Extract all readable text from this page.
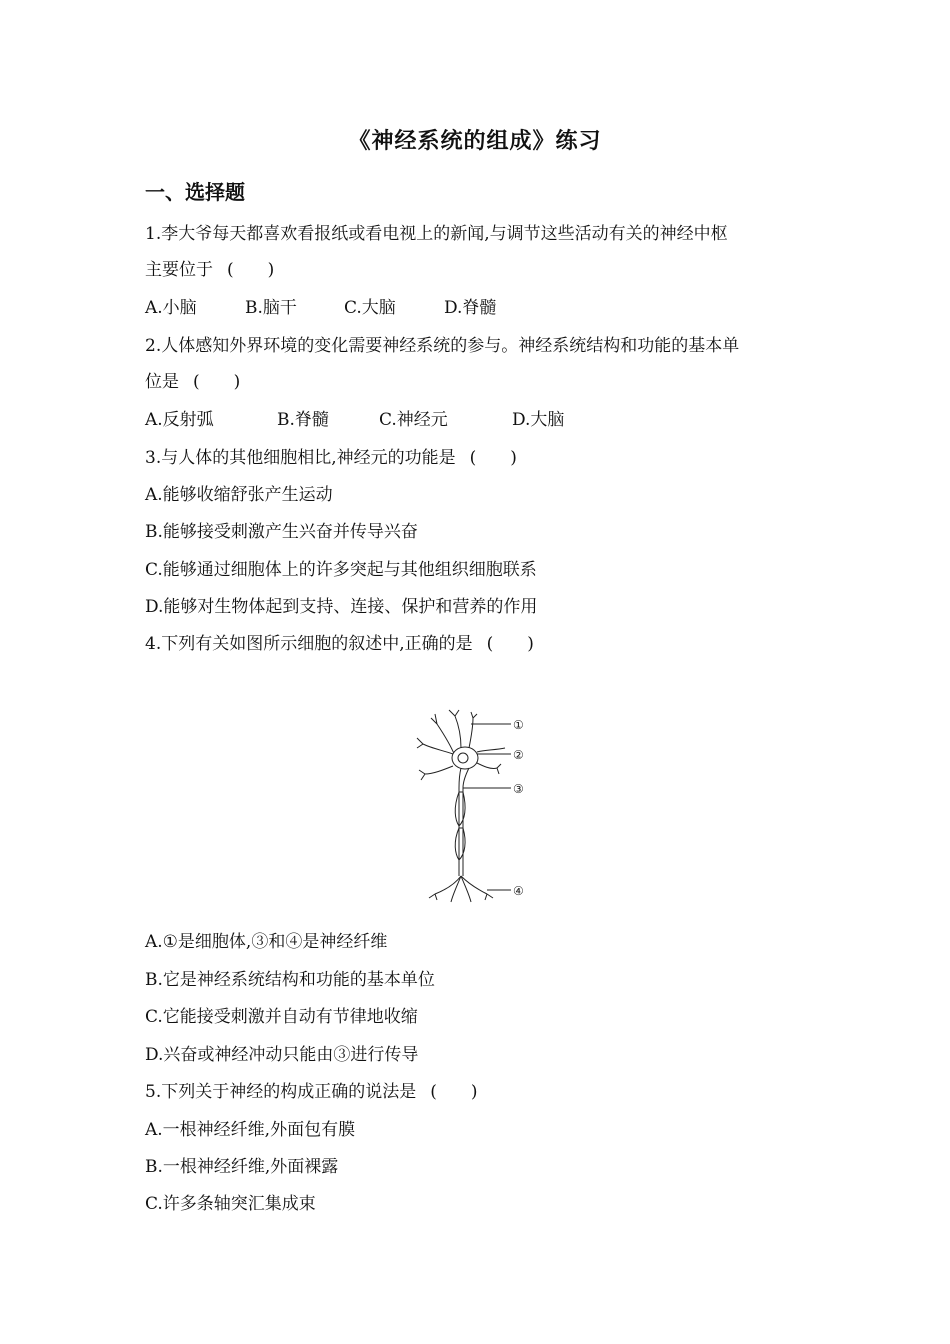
《神经系统的组成》练习
一、选择题
1.李大爷每天都喜欢看报纸或看电视上的新闻,与调节这些活动有关的神经中枢
主要位于 (　　)
A.小脑	B.脑干	C.大脑	D.脊髓
2.人体感知外界环境的变化需要神经系统的参与。神经系统结构和功能的基本单
位是 (　　)
A.反射弧	B.脊髓	C.神经元	D.大脑
3.与人体的其他细胞相比,神经元的功能是 (　　)
A.能够收缩舒张产生运动
B.能够接受刺激产生兴奋并传导兴奋
C.能够通过细胞体上的许多突起与其他组织细胞联系
D.能够对生物体起到支持、连接、保护和营养的作用
4.下列有关如图所示细胞的叙述中,正确的是 (　　)
①
②
③
④
A.①是细胞体,③和④是神经纤维
B.它是神经系统结构和功能的基本单位
C.它能接受刺激并自动有节律地收缩
D.兴奋或神经冲动只能由③进行传导
5.下列关于神经的构成正确的说法是 (　　)
A.一根神经纤维,外面包有膜
B.一根神经纤维,外面裸露
C.许多条轴突汇集成束
